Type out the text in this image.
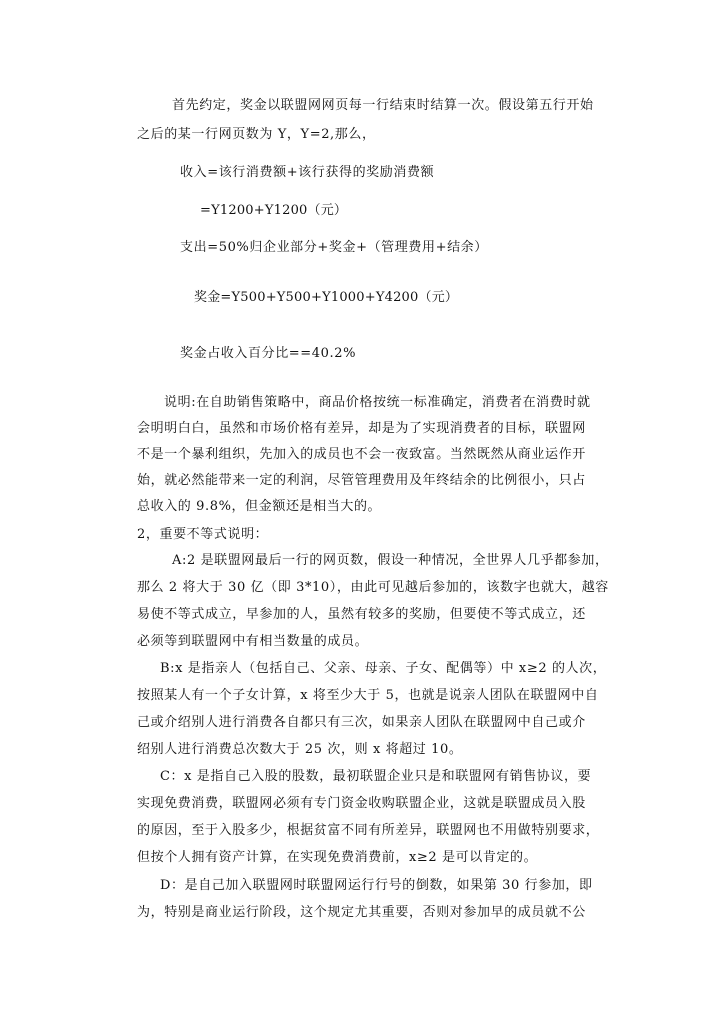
首先约定，奖金以联盟网网页每一行结束时结算一次。假设第五行开始
之后的某一行网页数为 Y，Y=2,那么，
收入=该行消费额+该行获得的奖励消费额
=Y1200+Y1200（元）
支出=50%归企业部分+奖金+（管理费用+结余）
奖金=Y500+Y500+Y1000+Y4200（元）
奖金占收入百分比==40.2%
说明:在自助销售策略中，商品价格按统一标准确定，消费者在消费时就
会明明白白，虽然和市场价格有差异，却是为了实现消费者的目标，联盟网
不是一个暴利组织，先加入的成员也不会一夜致富。当然既然从商业运作开
始，就必然能带来一定的利润，尽管管理费用及年终结余的比例很小，只占
总收入的 9.8%，但金额还是相当大的。
2，重要不等式说明：
A:2 是联盟网最后一行的网页数，假设一种情况，全世界人几乎都参加，
那么 2 将大于 30 亿（即 3*10），由此可见越后参加的，该数字也就大，越容
易使不等式成立，早参加的人，虽然有较多的奖励，但要使不等式成立，还
必须等到联盟网中有相当数量的成员。
B:x 是指亲人（包括自己、父亲、母亲、子女、配偶等）中 x≥2 的人次，
按照某人有一个子女计算，x 将至少大于 5，也就是说亲人团队在联盟网中自
己或介绍别人进行消费各自都只有三次，如果亲人团队在联盟网中自己或介
绍别人进行消费总次数大于 25 次，则 x 将超过 10。
C：x 是指自己入股的股数，最初联盟企业只是和联盟网有销售协议，要
实现免费消费，联盟网必须有专门资金收购联盟企业，这就是联盟成员入股
的原因，至于入股多少，根据贫富不同有所差异，联盟网也不用做特别要求，
但按个人拥有资产计算，在实现免费消费前，x≥2 是可以肯定的。
D：是自己加入联盟网时联盟网运行行号的倒数，如果第 30 行参加，即
为，特别是商业运行阶段，这个规定尤其重要，否则对参加早的成员就不公
